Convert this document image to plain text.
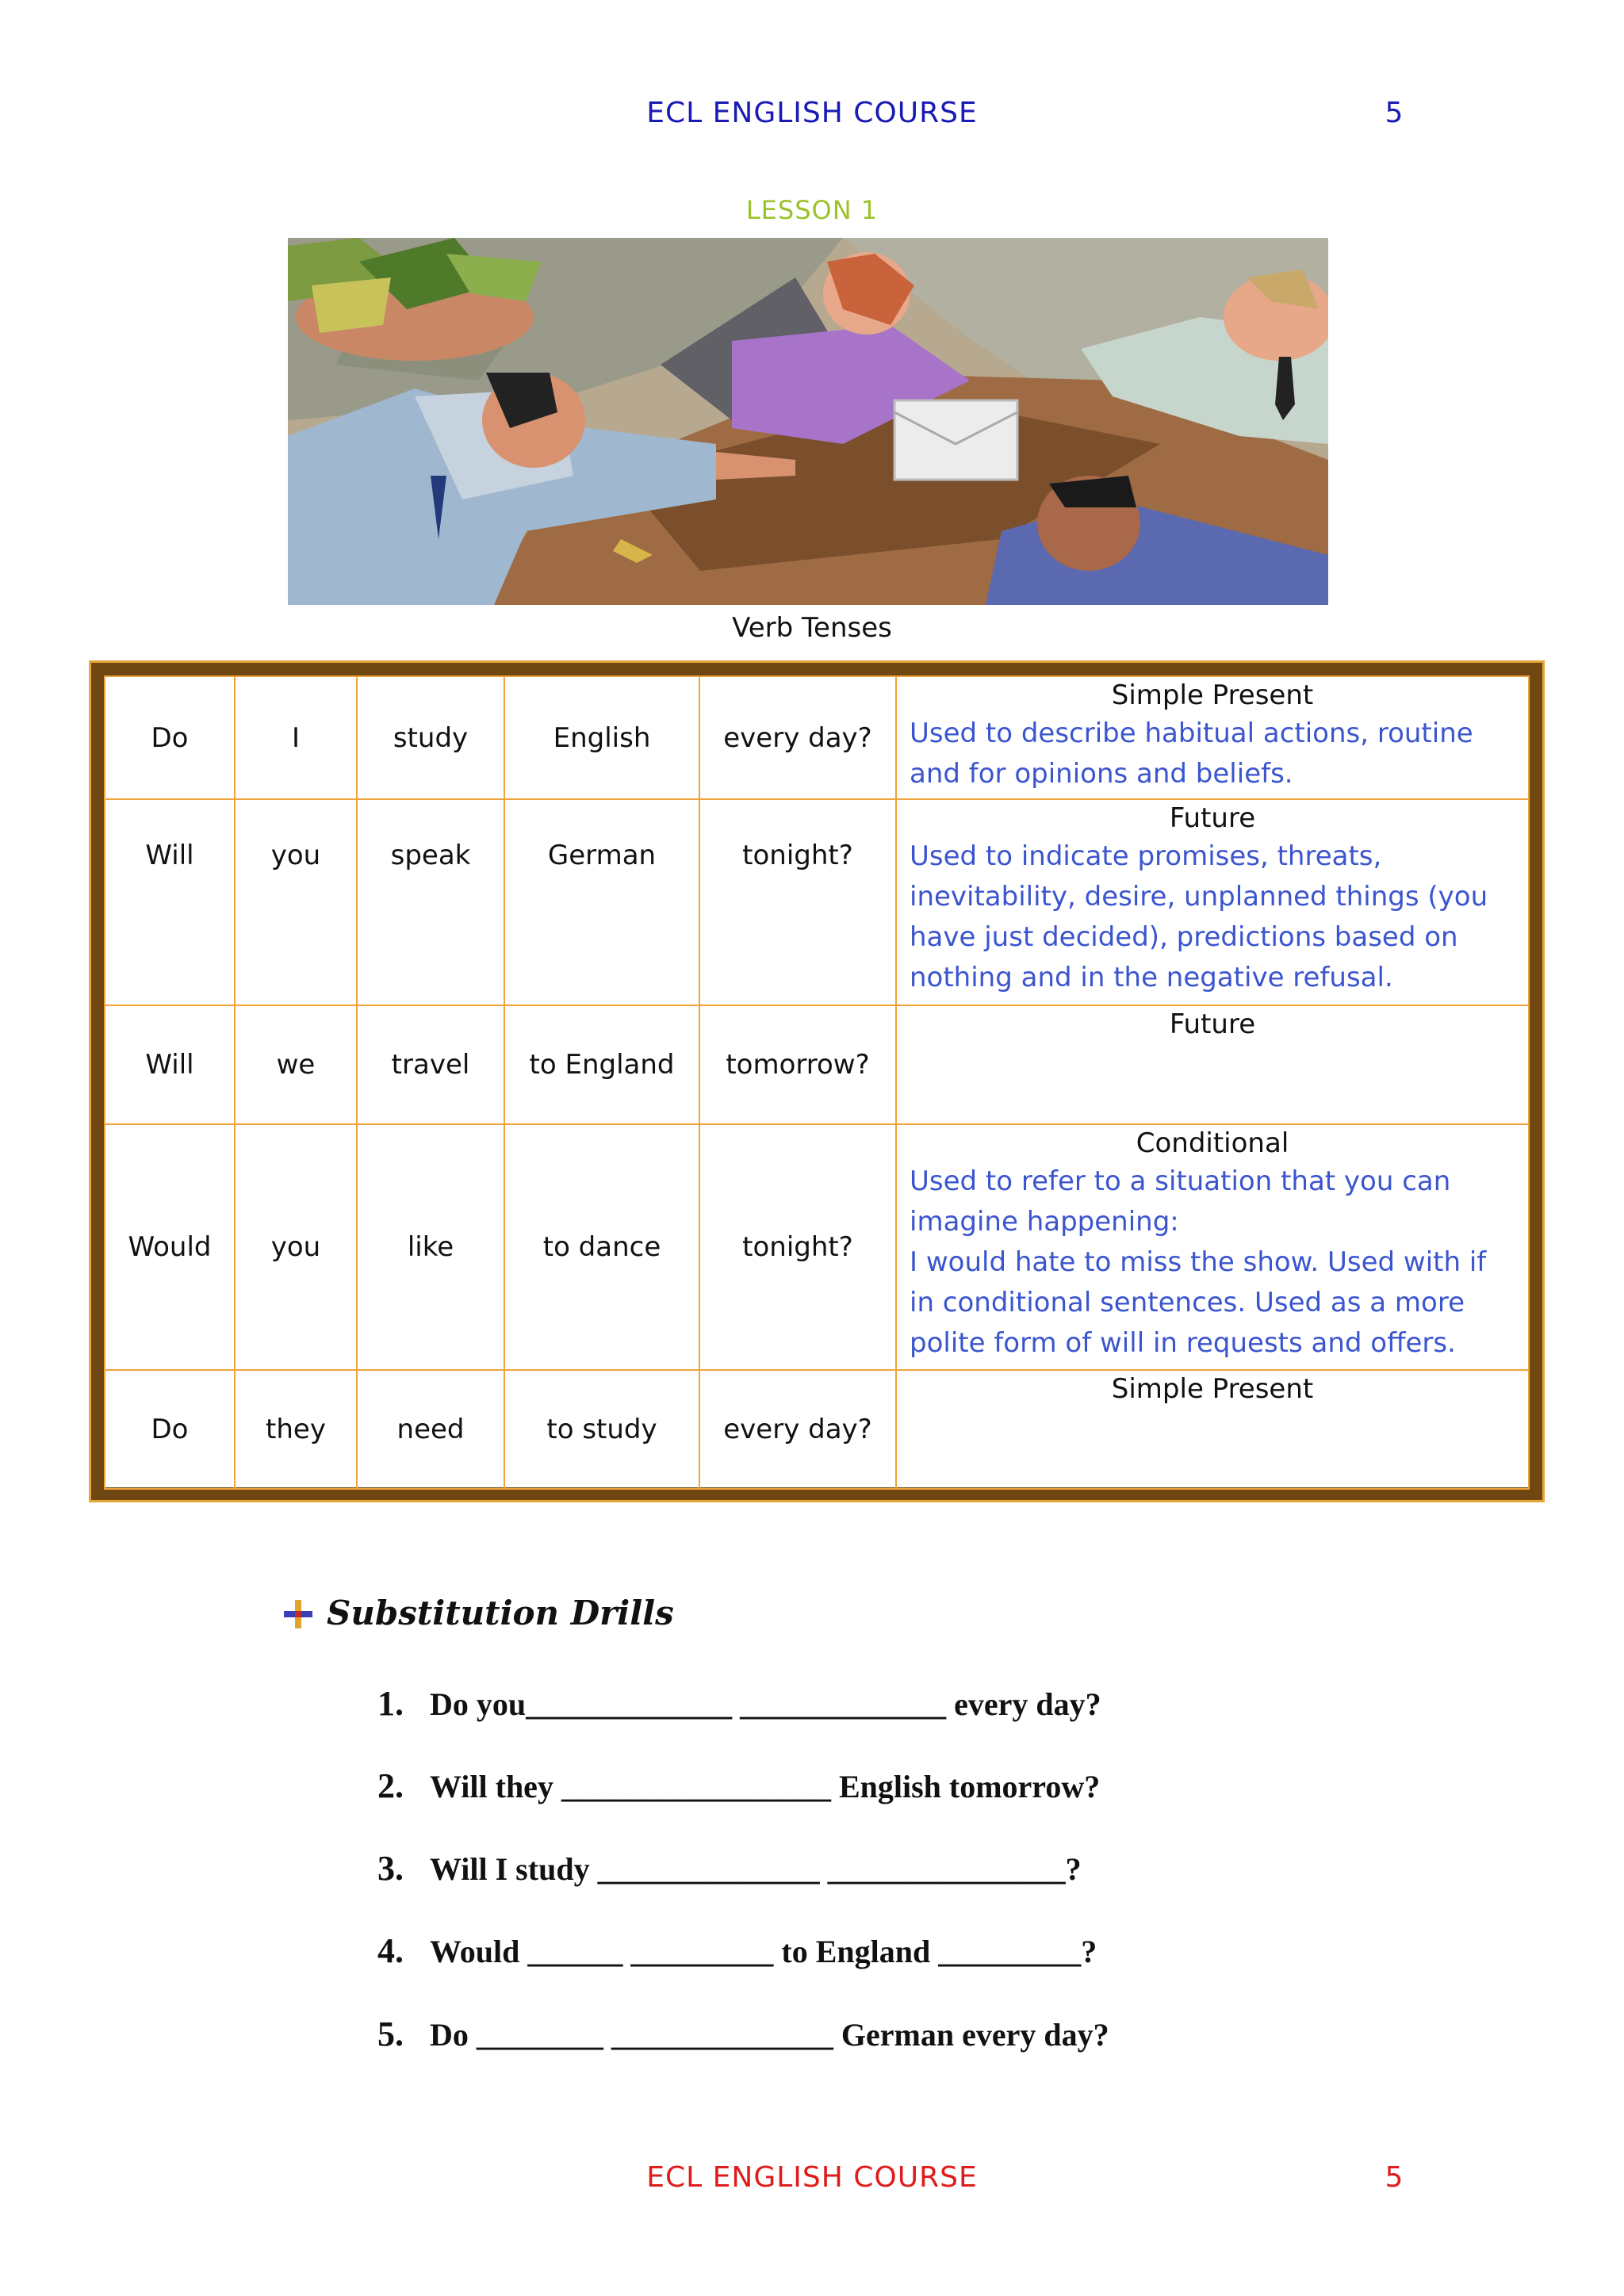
ECL ENGLISH COURSE	5
LESSON 1
Verb Tenses
Do	I	study	English	every day?	Simple Present
Used to describe habitual actions, routine and for opinions and beliefs.

Will	you	speak	German	tonight?	Future
Used to indicate promises, threats, inevitability, desire, unplanned things (you have just decided), predictions based on nothing and in the negative refusal.

Will	we	travel	to England	tomorrow?	Future

Would	you	like	to dance	tonight?	Conditional
Used to refer to a situation that you can imagine happening:
I would hate to miss the show. Used with if in conditional sentences. Used as a more polite form of will in requests and offers.

Do	they	need	to study	every day?	Simple Present
Substitution Drills
1. Do you_____________ _____________ every day?
2. Will they _________________ English tomorrow?
3. Will I study ______________ _______________?
4. Would ______ _________ to England _________?
5. Do ________ ______________ German every day?
ECL ENGLISH COURSE	5
